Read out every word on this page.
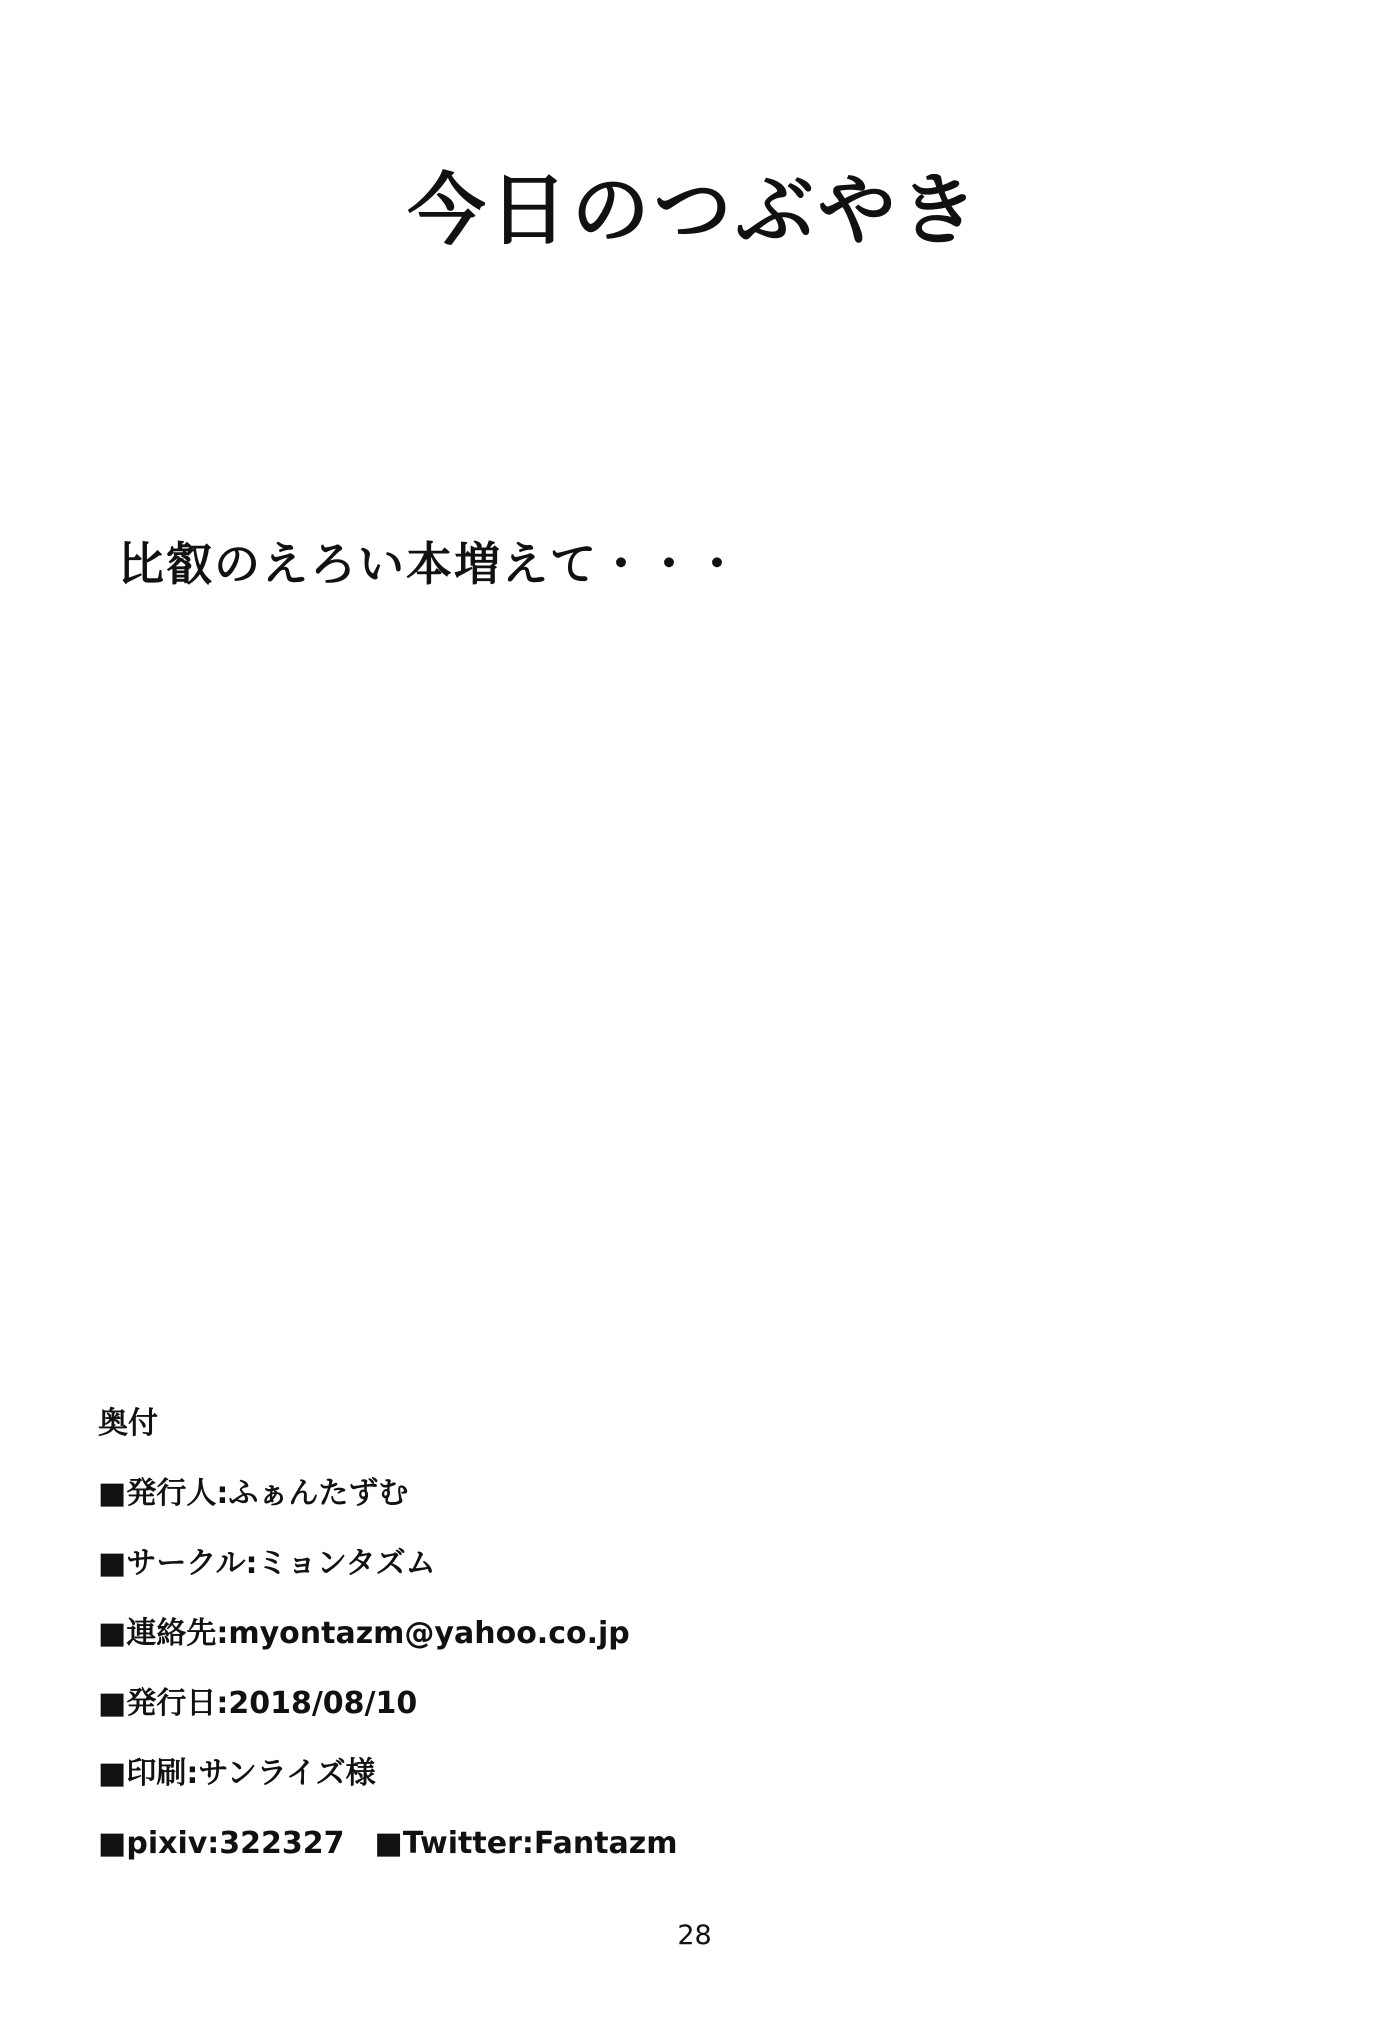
今日のつぶやき
比叡のえろい本増えて・・・
奥付
■発行人:ふぁんたずむ
■サークル:ミョンタズム
■連絡先:myontazm@yahoo.co.jp
■発行日:2018/08/10
■印刷:サンライズ様
■pixiv:322327　■Twitter:Fantazm
28
